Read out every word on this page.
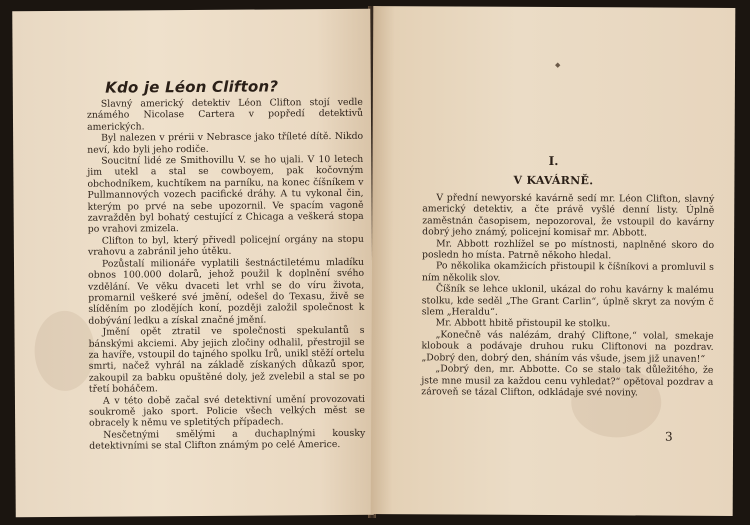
Kdo je Léon Clifton?

Slavný americký detektiv Léon Clifton stojí vedle známého Nicolase Cartera v popředí detektivů amerických.

Byl nalezen v prérii v Nebrasce jako tříleté dítě. Nikdo neví, kdo byli jeho rodiče.

Soucitní lidé ze Smithovillu V. se ho ujali. V 10 letech jim utekl a stal se cowboyem, pak kočovným obchodníkem, kuchtíkem na parníku, na konec číšníkem v Pullmannových vozech pacifické dráhy. A tu vykonal čin, kterým po prvé na sebe upozornil. Ve spacím vagoně zavražděn byl bohatý cestující z Chicaga a veškerá stopa po vrahovi zmizela.

Clifton to byl, který přivedl policejní orgány na stopu vrahovu a zabránil jeho útěku.

Pozůstalí milionáře vyplatili šestnáctiletému mladíku obnos 100.000 dolarů, jehož použil k doplnění svého vzdělání. Ve věku dvaceti let vrhl se do víru života, promarnil veškeré své jmění, odešel do Texasu, živě se slíděním po zlodějích koní, později založil společnost k dobývání ledku a získal značné jmění.

Jmění opět ztratil ve společnosti spekulantů s bánskými akciemi. Aby jejich zločiny odhalil, přestrojil se za havíře, vstoupil do tajného spolku Irů, unikl stěží ortelu smrti, načež vyhrál na základě získaných důkazů spor, zakoupil za babku opuštěné doly, jež zvelebil a stal se po třetí boháčem.

A v této době začal své detektivní umění provozovati soukromě jako sport. Policie všech velkých měst se obracely k němu ve spletitých případech.

Nesčetnými smělými a duchaplnými kousky detektivními se stal Clifton známým po celé Americe.

◆
I.
V KAVÁRNĚ.

V přední newyorské kavárně sedí mr. Léon Clifton, slavný americký detektiv, a čte právě vyšlé denní listy. Úplně zaměstnán časopisem, nepozoroval, že vstoupil do kavárny dobrý jeho známý, policejní komisař mr. Abbott.

Mr. Abbott rozhlížel se po místnosti, naplněné skoro do posledn ho místa. Patrně někoho hledal.

Po několika okamžicích přistoupil k číšníkovi a promluvil s ním několik slov.

Číšník se lehce uklonil, ukázal do rohu kavárny k malému stolku, kde seděl „The Grant Carlin“, úplně skryt za novým č slem „Heraldu“.

Mr. Abbott hbitě přistoupil ke stolku.

„Konečně vás nalézám, drahý Cliftone,“ volal, smekaje klobouk a podávaje druhou ruku Cliftonovi na pozdrav. „Dobrý den, dobrý den, sháním vás všude, jsem již unaven!“

„Dobrý den, mr. Abbotte. Co se stalo tak důležitého, že jste mne musil za každou cenu vyhledat?“ opětoval pozdrav a zároveň se tázal Clifton, odkládaje své noviny.

3
